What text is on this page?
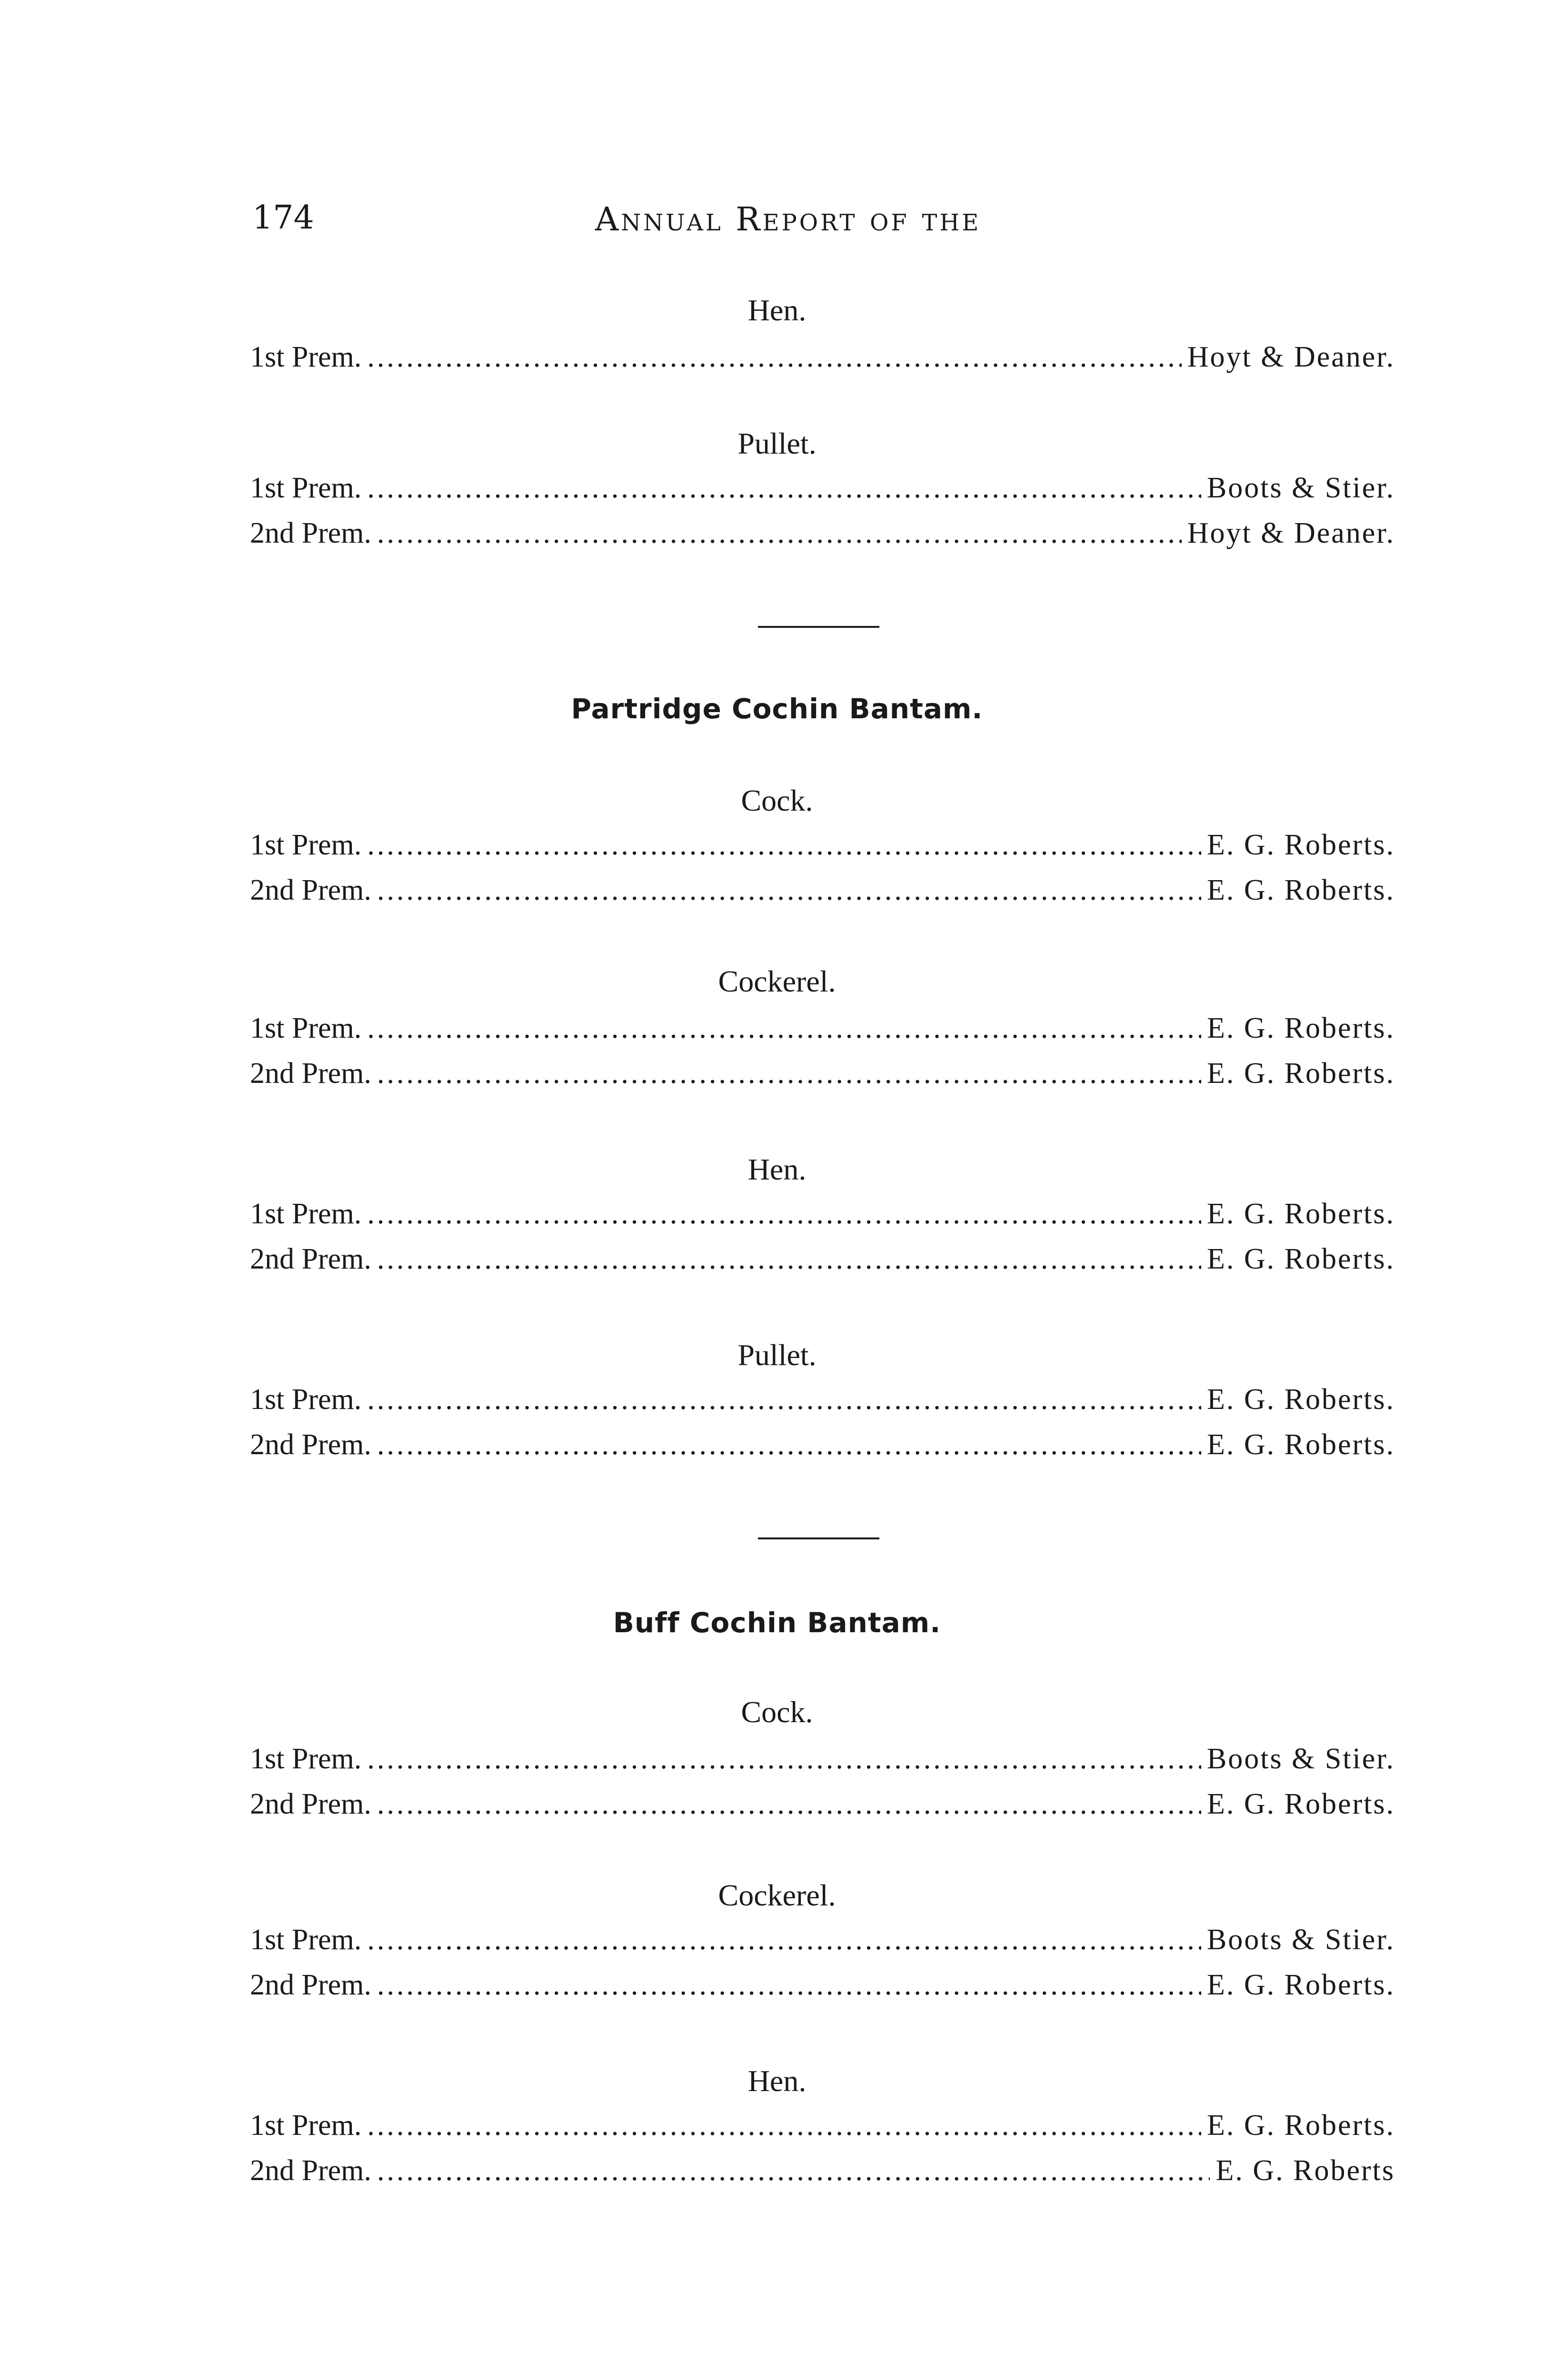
174	Annual Report of the
Hen.
1st Prem. .....	Hoyt & Deaner.
Pullet.
1st Prem. .....	Boots & Stier.
2nd Prem. .....	Hoyt & Deaner.
Partridge Cochin Bantam.
Cock.
1st Prem. .....	E. G. Roberts.
2nd Prem. .....	E. G. Roberts.
Cockerel.
1st Prem. .....	E. G. Roberts.
2nd Prem. .....	E. G. Roberts.
Hen.
1st Prem. .....	E. G. Roberts.
2nd Prem. .....	E. G. Roberts.
Pullet.
1st Prem. .....	E. G. Roberts.
2nd Prem. .....	E. G. Roberts.
Buff Cochin Bantam.
Cock.
1st Prem. .....	Boots & Stier.
2nd Prem. .....	E. G. Roberts.
Cockerel.
1st Prem. .....	Boots & Stier.
2nd Prem. .....	E. G. Roberts.
Hen.
1st Prem. .....	E. G. Roberts.
2nd Prem. .....	E. G. Roberts
